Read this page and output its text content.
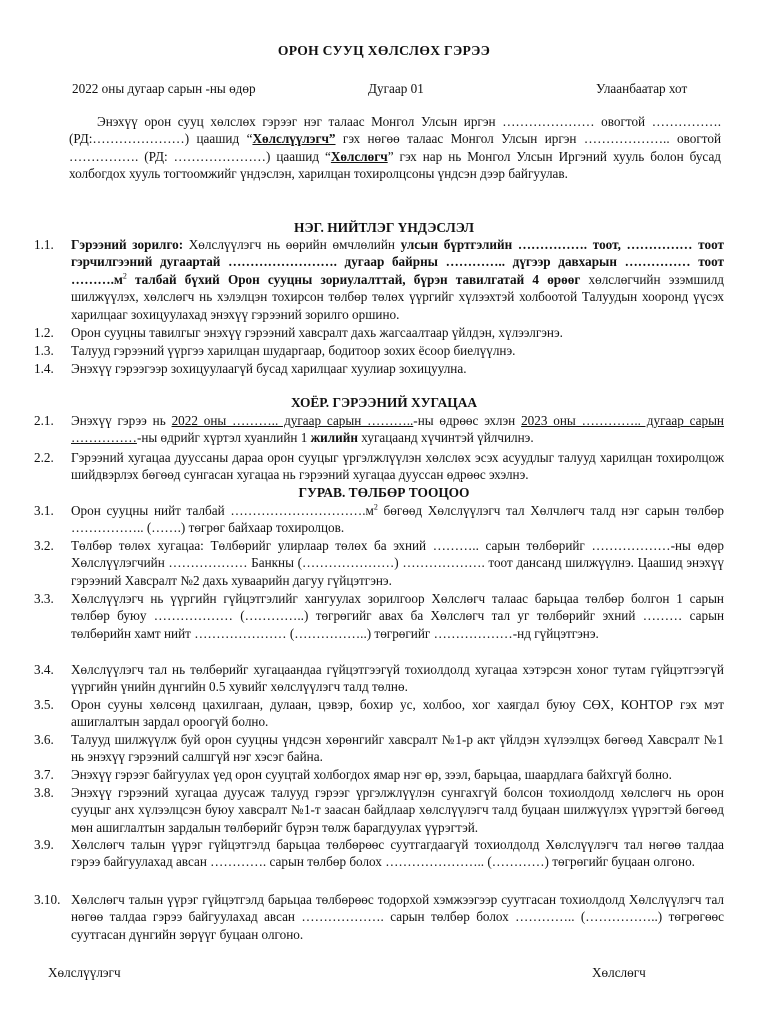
ОРОН СУУЦ ХӨЛСЛӨХ ГЭРЭЭ
2022 оны дугаар сарын -ны өдөр	Дугаар 01	Улаанбаатар хот
Энэхүү орон сууц хөлслөх гэрээг нэг талаас Монгол Улсын иргэн ………………… овогтой ……………. (РД:…………………) цаашид “Хөлслүүлэгч” гэх нөгөө талаас Монгол Улсын иргэн ……………….. овогтой ……………. (РД: …………………) цаашид “Хөлслөгч” гэх нар нь Монгол Улсын Иргэний хууль болон бусад холбогдох хууль тогтоомжийг үндэслэн, харилцан тохиролцсоны үндсэн дээр байгуулав.
НЭГ. НИЙТЛЭГ ҮНДЭСЛЭЛ
1.1.	Гэрээний зорилго: Хөлслүүлэгч нь өөрийн өмчлөлийн улсын бүртгэлийн ……………. тоот, …………… тоот гэрчилгээний дугаартай ……………………. дугаар байрны ………….. дүгээр давхарын …………… тоот $\dots\dots\dots.м^2$ талбай бүхий Орон сууцны зориулалттай, бүрэн тавилгатай 4 өрөөг хөлслөгчийн эзэмшилд шилжүүлэх, хөлслөгч нь хэлэлцэн тохирсон төлбөр төлөх үүргийг хүлээхтэй холбоотой Талуудын хооронд үүсэх харилцааг зохицуулахад энэхүү гэрээний зорилго оршино.
1.2.	Орон сууцны тавилгыг энэхүү гэрээний хавсралт дахь жагсаалтаар үйлдэн, хүлээлгэнэ.
1.3.	Талууд гэрээний үүргээ харилцан шударгаар, бодитоор зохих ёсоор биелүүлнэ.
1.4.	Энэхүү гэрээгээр зохицуулаагүй бусад харилцааг хуулиар зохицуулна.
ХОЁР. ГЭРЭЭНИЙ ХУГАЦАА
2.1.	Энэхүү гэрээ нь 2022 оны ……….. дугаар сарын ………..-ны өдрөөс эхлэн 2023 оны ………….. дугаар сарын ……………-ны өдрийг хүртэл хуанлийн 1 жилийн хугацаанд хүчинтэй үйлчилнэ.
2.2.	Гэрээний хугацаа дууссаны дараа орон сууцыг үргэлжлүүлэн хөлслөх эсэх асуудлыг талууд харилцан тохиролцож шийдвэрлэх бөгөөд сунгасан хугацаа нь гэрээний хугацаа дууссан өдрөөс эхэлнэ.
ГУРАВ. ТӨЛБӨР ТООЦОО
3.1.	Орон сууцны нийт талбай $\dots\dots\dots\dots\dots\dots\dots\dots\dots\dots.м^2$ бөгөөд Хөлслүүлэгч тал Хөлчлөгч талд нэг сарын төлбөр …………….. (…….) төгрөг байхаар тохиролцов.
3.2.	Төлбөр төлөх хугацаа: Төлбөрийг улирлаар төлөх ба эхний ……….. сарын төлбөрийг ………………-ны өдөр Хөлслүүлэгчийн ……………… Банкны (…………………) ………………. тоот дансанд шилжүүлнэ. Цаашид энэхүү гэрээний Хавсралт №2 дахь хуваарийн дагуу гүйцэтгэнэ.
3.3.	Хөлслүүлэгч нь үүргийн гүйцэтгэлийг хангуулах зорилгоор Хөлслөгч талаас барьцаа төлбөр болгон 1 сарын төлбөр буюу ……………… (…………..) төгрөгийг авах ба Хөлслөгч тал уг төлбөрийг эхний ……… сарын төлбөрийн хамт нийт ………………… (……………..) төгрөгийг ………………-нд гүйцэтгэнэ.
3.4.	Хөлслүүлэгч тал нь төлбөрийг хугацаандаа гүйцэтгээгүй тохиолдолд хугацаа хэтэрсэн хоног тутам гүйцэтгээгүй үүргийн үнийн дүнгийн 0.5 хувийг хөлслүүлэгч талд төлнө.
3.5.	Орон сууны хөлсөнд цахилгаан, дулаан, цэвэр, бохир ус, холбоо, хог хаягдал буюу СӨХ, КОНТОР гэх мэт ашиглалтын зардал ороогүй болно.
3.6.	Талууд шилжүүлж буй орон сууцны үндсэн хөрөнгийг хавсралт №1-р акт үйлдэн хүлээлцэх бөгөөд Хавсралт №1 нь энэхүү гэрээний салшгүй нэг хэсэг байна.
3.7.	Энэхүү гэрээг байгуулах үед орон сууцтай холбогдох ямар нэг өр, зээл, барьцаа, шаардлага байхгүй болно.
3.8.	Энэхүү гэрээний хугацаа дуусаж талууд гэрээг үргэлжлүүлэн сунгахгүй болсон тохиолдолд хөлслөгч нь орон сууцыг анх хүлээлцсэн буюу хавсралт №1-т заасан байдлаар хөлслүүлэгч талд буцаан шилжүүлэх үүрэгтэй бөгөөд мөн ашиглалтын зардалын төлбөрийг бүрэн төлж барагдуулах үүрэгтэй.
3.9.	Хөлслөгч талын үүрэг гүйцэтгэлд барьцаа төлбөрөөс суутгагдаагүй тохиолдолд Хөлслүүлэгч тал нөгөө талдаа гэрээ байгуулахад авсан …………. сарын төлбөр болох ………………….. (…………) төгрөгийг буцаан олгоно.
3.10. Хөлслөгч талын үүрэг гүйцэтгэлд барьцаа төлбөрөөс тодорхой хэмжээгээр суутгасан тохиолдолд Хөлслүүлэгч тал нөгөө талдаа гэрээ байгуулахад авсан ………………. сарын төлбөр болох ………….. (……………..) төгрөгөөс суутгасан дүнгийн зөрүүг буцаан олгоно.
Хөлслүүлэгч	Хөлслөгч
